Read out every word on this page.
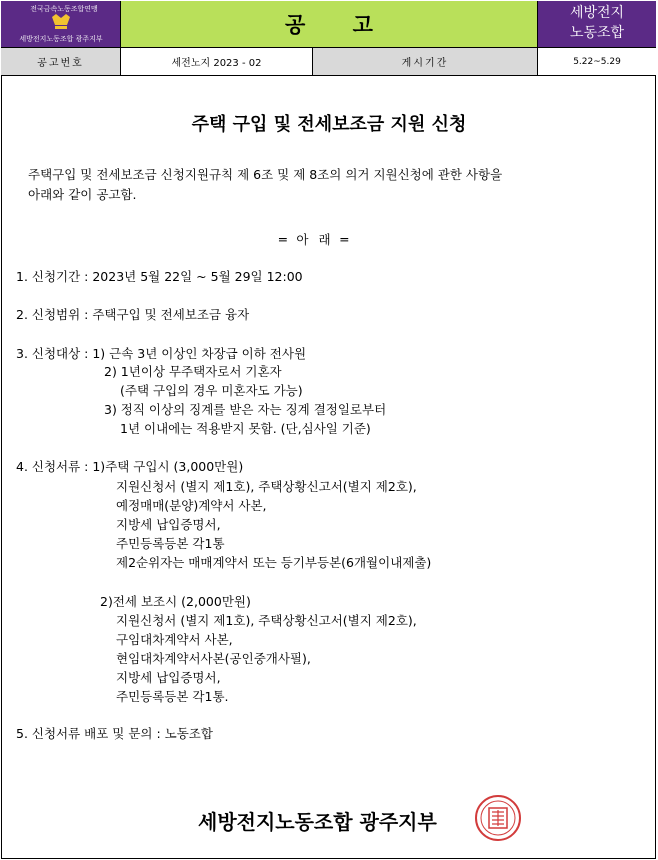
전국금속노동조합연맹
세방전지노동조합 광주지부
공 고	세방전지
노동조합
공고번호	세전노지 2023 - 02	게시기간	5.22~5.29
주택 구입 및 전세보조금 지원 신청
주택구입 및 전세보조금 신청지원규칙 제 6조 및 제 8조의 의거 지원신청에 관한 사항을
아래와 같이 공고함.
═ 아 래 ═
1. 신청기간 : 2023년 5월 22일 ~ 5월 29일 12:00
2. 신청범위 : 주택구입 및 전세보조금 융자
3. 신청대상 : 1) 근속 3년 이상인 차장급 이하 전사원
2) 1년이상 무주택자로서 기혼자
(주택 구입의 경우 미혼자도 가능)
3) 정직 이상의 징계를 받은 자는 징계 결정일로부터
1년 이내에는 적용받지 못함. (단,심사일 기준)
4. 신청서류 : 1)주택 구입시 (3,000만원)
지원신청서 (별지 제1호), 주택상황신고서(별지 제2호),
예정매매(분양)계약서 사본,
지방세 납입증명서,
주민등록등본 각1통
제2순위자는 매매계약서 또는 등기부등본(6개월이내제출)
2)전세 보조시 (2,000만원)
지원신청서 (별지 제1호), 주택상황신고서(별지 제2호),
구임대차계약서 사본,
현임대차계약서사본(공인중개사필),
지방세 납입증명서,
주민등록등본 각1통.
5. 신청서류 배포 및 문의 : 노동조합
세방전지노동조합 광주지부
